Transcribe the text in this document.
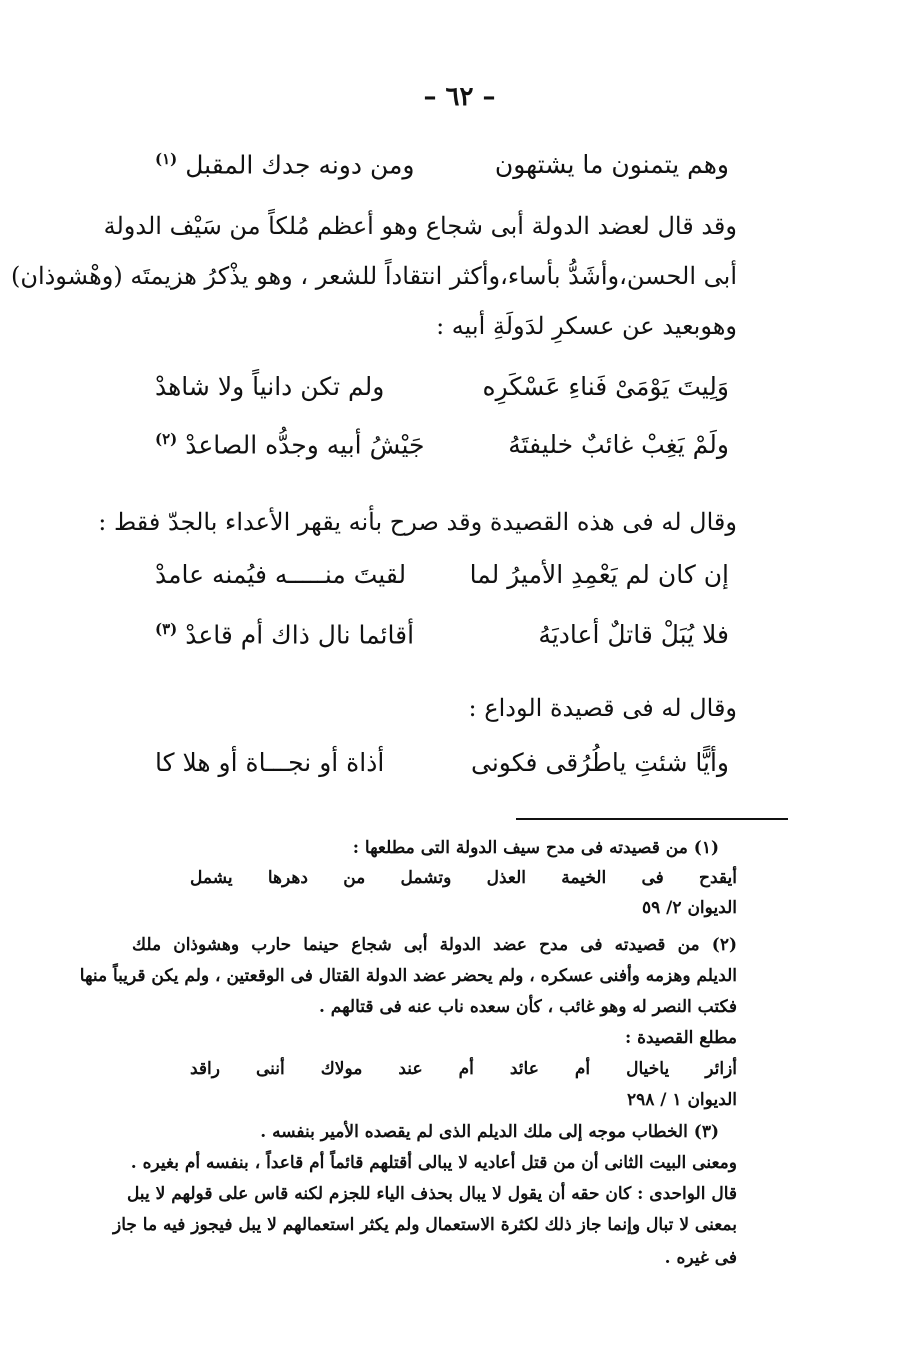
– ٦٢ –
وهم يتمنون ما يشتهون
ومن دونه جدك المقبل $^{(١)}$
وقد قال لعضد الدولة أبى شجاع وهو أعظم مُلكاً من سَيْف الدولة
أبى الحسن،وأشَدُّ بأساء،وأكثر انتقاداً للشعر ، وهو يذْكرُ هزيمتَه (وهْشوذان)
وهوبعيد عن عسكرِ لدَولَةِ أبيه :
وَلِيتَ يَوْمَىْ فَناءِ عَسْكَرِه
ولم تكن دانياً ولا شاهدْ
ولَمْ يَغِبْ غائبٌ خليفتَهُ
جَيْشُ أبيه وجدُّه الصاعدْ $^{(٢)}$
وقال له فى هذه القصيدة وقد صرح بأنه يقهر الأعداء بالجدّ فقط :
إن كان لم يَعْمِدِ الأميرُ لما
لقيتَ منـــــه فيُمنه عامدْ
فلا يُبَلْ قاتلٌ أعاديَهُ
أقائما نال ذاك أم قاعدْ $^{(٣)}$
وقال له فى قصيدة الوداع :
وأيًّا شئتِ ياطُرُقى فكونى
أذاة أو نجـــاة أو هلا كا
(١) من قصيدته فى مدح سيف الدولة التى مطلعها :
أيقدح فى الخيمة العذل وتشمل من دهرها يشمل
الديوان ٢/ ٥٩
(٢) من قصيدته فى مدح عضد الدولة أبى شجاع حينما حارب وهشوذان ملك
الديلم وهزمه وأفنى عسكره ، ولم يحضر عضد الدولة القتال فى الوقعتين ، ولم يكن قريباً منها
فكتب النصر له وهو غائب ، كأن سعده ناب عنه فى قتالهم .
مطلع القصيدة :
أزائر ياخيال أم عائد أم عند مولاك أننى راقد
الديوان ١ / ٢٩٨
(٣) الخطاب موجه إلى ملك الديلم الذى لم يقصده الأمير بنفسه .
ومعنى البيت الثانى أن من قتل أعاديه لا يبالى أقتلهم قائماً أم قاعداً ، بنفسه أم بغيره .
قال الواحدى : كان حقه أن يقول لا يبال بحذف الياء للجزم لكنه قاس على قولهم لا يبل
بمعنى لا تبال وإنما جاز ذلك لكثرة الاستعمال ولم يكثر استعمالهم لا يبل فيجوز فيه ما جاز
فى غيره .
